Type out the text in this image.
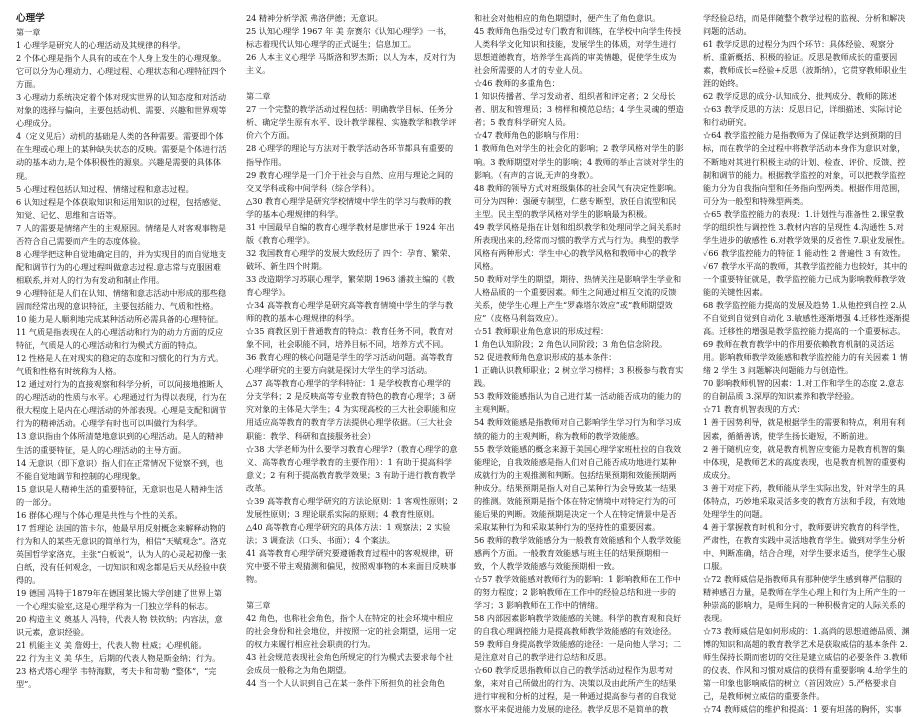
心理学

第一章

1 心理学是研究人的心理活动及其规律的科学。

2 个体心理是指个人具有的或在个人身上发生的心理现象。它可以分为心理动力、心理过程、心理状态和心理特征四个方面。

3 心理动力系统决定着个体对现实世界的认知态度和对活动对象的选择与偏向，主要包括动机、需要、兴趣和世界观等心理成分。

4（定义见后）动机的基础是人类的各种需要。需要即个体在生理或心理上的某种缺失状态的反映。需要是个体进行活动的基本动力,是个体积极性的源泉。兴趣是需要的具体体现。

5 心理过程包括认知过程、情绪过程和意志过程。

6 认知过程是个体获取知识和运用知识的过程，包括感觉、知觉、记忆、思维和言语等。

7 人的需要是情绪产生的主观原因。情绪是人对客观事物是否符合自己需要而产生的态度体验。

8 心理学把这种自觉地确定目的，并为实现目的而自觉地支配和调节行为的心理过程叫做意志过程.意志常与克服困难相联系,并对人的行为有发动和制止作用。

9 心理特征是人们在认知、情绪和意志活动中形成的那些稳固而经常出现的意识特征，主要包括能力、气质和性格。

10 能力是人顺利地完成某种活动所必需具备的心理特征。

11 气质是指表现在人的心理活动和行为的动力方面的反应特征，气质是人的心理活动和行为模式方面的特点。

12 性格是人在对现实的稳定的态度和习惯化的行为方式。气质和性格有时统称为人格。

12 通过对行为的直接观察和科学分析，可以间接地推断人的心理活动的性质与水平。心理通过行为得以表现，行为在很大程度上是内在心理活动的外部表现。心理是支配和调节行为的精神活动。心理学有时也可以叫做行为科学。

13 意识指由个体所清楚地意识到的心理活动。是人的精神生活的重要特征，是人的心理活动的主导方面。

14 无意识（即下意识）指人们在正常情况下觉察不到，也不能自觉地调节和控制的心理现象。

15 意识是人精神生活的重要特征，无意识也是人精神生活的一部分。

16 群体心理与个体心理是共性与个性的关系。

17 哲理论 法国的笛卡尔，他最早用反射概念来解释动物的行为和人的某些无意识的简单行为，相信“天赋观念”。洛克 英国哲学家洛克，主张“白板说”，认为人的心灵起初像一张白纸，没有任何观念，一切知识和观念都是后天从经验中获得的。

19 德国 冯特于1879年在德国莱比锡大学创建了世界上第一个心理实验室,这是心理学称为一门独立学科的标志。

20 构造主义 奠基人 冯特，代表人物 铁钦纳；内容法，意识元素，意识经验。

21 机能主义 美 詹姆士，代表人物 杜威；心理机能。

22 行为主义 美 华生，后期的代表人物是斯金纳；行为。

23 格式塔心理学 韦特海默，考夫卡和苛勒 “整体”，“完型”。

24 精神分析学派 弗洛伊德；无意识。

25 认知心理学 1967 年 美 奈赛尔《认知心理学》一书，标志着现代认知心理学的正式诞生；信息加工。

26 人本主义心理学 马斯洛和罗杰斯；以人为本，反对行为主义。

第二章

27 一个完整的教学活动过程包括：明确教学目标、任务分析、确定学生原有水平、设计教学课程、实施教学和教学评价六个方面。

28 心理学的理论与方法对于教学活动各环节都具有重要的指导作用。

29 教育心理学是一门介于社会与自然、应用与理论之间的交叉学科或称中间学科（综合学科）。

△30 教育心理学是研究学校情境中学生的学习与教师的教学的基本心理规律的科学。

31 中国最早自编的教育心理学教材是廖世承于 1924 年出版《教育心理学》。

32 我国教育心理学的发展大致经历了 四个：孕育、繁荣、破坏、新生四个时期。

33 改造期学习苏联心理学，繁荣期 1963 潘菽主编的《教育心理学》。

☆34 高等教育心理学是研究高等教育情境中学生的学与教师的教的基本心理规律的科学。

☆35 商教区别于普通教育的特点：教育任务不同，教育对象不同，社会职能不同，培养目标不同，培养方式不同。

36 教育心理的核心问题是学生的学习活动问题。高等教育心理学研究的主要方向就是探讨大学生的学习活动。

△37 高等教育心理学的学科特征：1 是学校教育心理学的分支学科；2 是反映高等专业教育特色的教育心理学；3 研究对象的主体是大学生；4 为实现高校的三大社会职能和应用适应高等教育的教育学方法提供心理学依据。（三大社会职能：教学、科研和直接服务社会）

☆38 大学老师为什么要学习教育心理学?（教育心理学的意义、高等教育心理学教育的主要作用）：1 有助于提高科学意义；2 有利于提高教育教学效果；3 有助于进行教育教学改革。

☆39 高等教育心理学研究的方法论原则：1 客观性原则；2 发展性原则；3 理论联系实际的原则；4 教育性原则。

△40 高等教育心理学研究的具体方法：1 观察法；2 实验法；3 调查法（口头、书面）；4 个案法。

41 高等教育心理学研究要遵循教育过程中的客观规律，研究中要不带主观猜测和偏见，按照观事物的本来面目反映事物。

第三章

42 角色，也称社会角色，指个人在特定的社会环境中相应的社会身份和社会地位，并按照一定的社会期望，运用一定的权力来履行相应社会职责的行为。

43 社会规范表现社会角色所规定的行为模式去要求每个社会成员一般称之为角色期望。

44 当一个人认识到自己在某一条件下所担负的社会角色

和社会对他相应的角色期望时，便产生了角色意识。

45 教师角色指受过专门教育和训练，在学校中向学生传授人类科学文化知识和技能，发展学生的体质，对学生进行思想道德教育，培养学生高尚的审美情趣，促使学生成为社会所需要的人才的专业人员。

☆46 教师的多重角色：

1 知识传播者、学习发动者、组织者和评定者；2 父母长者、朋友和管理员；3 榜样和模范总结；4 学生灵魂的塑造者；5 教育科学研究人员。

☆47 教师角色的影响与作用：

1 教师角色对学生的社会化的影响；2 教学风格对学生的影响。3 教师期望对学生的影响；4 教师的举止言谈对学生的影响。（有声的言说,无声的身教）。

48 教师的领导方式对班级集体的社会风气有决定性影响。可分为四种：强硬专制型，仁慈专断型，放任自流型和民主型。民主型的教学风格对学生的影响最为积极。

49 教学风格是指在计划和组织教学和处理同学之间关系时所表现出来的,经常而习惯的教学方式与行为。典型的教学风格有两种形式：学生中心的教学风格和教师中心的教学风格。

50 教师对学生的期望，期待、热情关注是影响学生学业和人格品质的一个重要因素。师生之间通过相互交流的反馈关系，使学生心理上产生“罗森塔尔效应”或“教师期望效应”（皮格马利翁效应）。

☆51 教师职业角色意识的形成过程：

1 角色认知阶段；2 角色认同阶段；3 角色信念阶段。

52 促进教师角色意识形成的基本条件：

1 正确认识教师职业；2 树立学习榜样；3 积极参与教育实践。

53 教师效能感指认为自己进行某一活动能否成功的能力的主观判断。

54 教师效能感是指教师对自己影响学生学习行为和学习成绩的能力的主观判断，称为教师的教学效能感。

55 教学效能感的概念来源于美国心理学家班杜拉的自我效能理论，自我效能感是指人们对自己能否成功地进行某种成就行为的主观推测和判断。包括结果预期和效能预期两种成分。结果预期是指人对自己某种行为会导致某一结果的推测。效能预期是指个体在特定情境中对特定行为的可能后果的判断。效能预期是决定一个人在特定情景中是否采取某种行为和采取某种行为的坚持性的重要因素。

56 教师的教学效能感分为一般教育效能感和个人教学效能感两个方面。一般教育效能感与班主任的结果预期相一致，个人教学效能感与效能预期相一致。

☆57 教学效能感对教师行为的影响：1 影响教师在工作中的努力程度；2 影响教师在工作中的经验总结和进一步的学习；3 影响教师在工作中的情绪。

58 内部因素影响教学效能感的关键。科学的教育观和良好的自我心理调控能力是提高教师教学效能感的有效途径。

59 教师自身提高教学效能感的途径：一是向他人学习；二是注意对自己的教学进行总结和反思。

☆60 教学反思指教师以自己的教学活动过程作为思考对象，来对自己所做出的行为、决策以及由此所产生的结果进行审视和分析的过程，是一种通过提高参与者的自我觉察水平来促进能力发展的途径。教学反思不是简单的教

学经验总结，而是伴随整个教学过程的监视、分析和解决问题的活动。

61 教学反思的过程分为四个环节：具体经验、观察分析、重新概括、积极的验证。反思是教师成长的重要因素，教师成长=经验+反思（波斯纳），它贯穿教师职业生涯的始终。

62 教学反思的成分-认知成分、批判成分、教师的陈述

☆63 教学反思的方法：反思日记，详细描述、实际讨论和行动研究。

☆64 教学监控能力是指教师为了保证教学达到预期的目标，而在教学的全过程中将教学活动本身作为意识对象，不断地对其进行积极主动的计划、检查、评价、反馈、控制和调节的能力。根据教学监控的对象，可以把教学监控能力分为自我指向型和任务指向型两类。根据作用范围，可分为一般型和特殊型两类。

☆65 教学监控能力的表现：1.计划性与准备性 2.课堂教学的组织性与调控性 3.教材内容的呈现性 4.沟通性 5.对学生进步的敏感性 6.对教学效果的反省性 7.职业发展性。

✓66 教学监控能力的特征 1 能动性 2 普遍性 3 有效性。

✓67 教学水平高的教师，其教学监控能力也较好，其中的一个重要特征就是，教学监控能力已成为影响教师教学效能的关键性因素。

68 教学监控能力提高的发展及趋势 1.从他控到自控 2.从不自觉到自觉到自动化 3.敏感性逐渐增强 4.迁移性逐渐提高。迁移性的增强是教学监控能力提高的一个重要标志。

69 教师在教育教学中的作用要依赖教育机制的灵活运用。影响教师教学效能感和教学监控能力的有关因素 1 情绪 2 学生 3 问题解决问题能力与创造性。

70 影响教师机智的因素：1.对工作和学生的态度 2.意志的自制品质 3.深厚的知识素养和教学经验。

☆71 教育机智表现的方式：

1 善于因势利导，就是根据学生的需要和特点，利用有利因素，循循善诱，使学生扬长避短，不断前进。

2 善于随机应变，就是教育机智应变能力是教育机智的集中体现，是教师艺术的高度表现，也是教育机智的重要构成成分。

3 善于对症下药，教师能从学生实际出发，针对学生的具体特点，巧妙地采取灵活多变的教育方法和手段，有效地处理学生的问题。

4 善于掌握教育时机和分寸，教师要讲究教育的科学性，严肃性，在教育实践中灵活地教育学生。做到对学生分析中、判断准确，结合合理，对学生要求适当，使学生心服口服。

☆72 教师威信是指教师具有那种使学生感到尊严信服的精神感召力量，是教师在学生心理上和行为上所产生的一种崇高的影响力，是师生间的一种积极肯定的人际关系的表现。

☆73 教师威信是如何形成的：1.高尚的思想道德品质、渊博的知识和高超的教育教学艺术是获取威信的基本条件 2.师生保持长期而密切的交往是建立威信的必要条件 3.教师的仪表、作风和习惯对威信的获得有重要影响 4.给学生的第一印象也影响威信的树立（首因效应）5.严格要求自己，是教师树立威信的重要条件。

☆74 教师威信的维护和提高：1 要有坦荡的胸怀，实事
